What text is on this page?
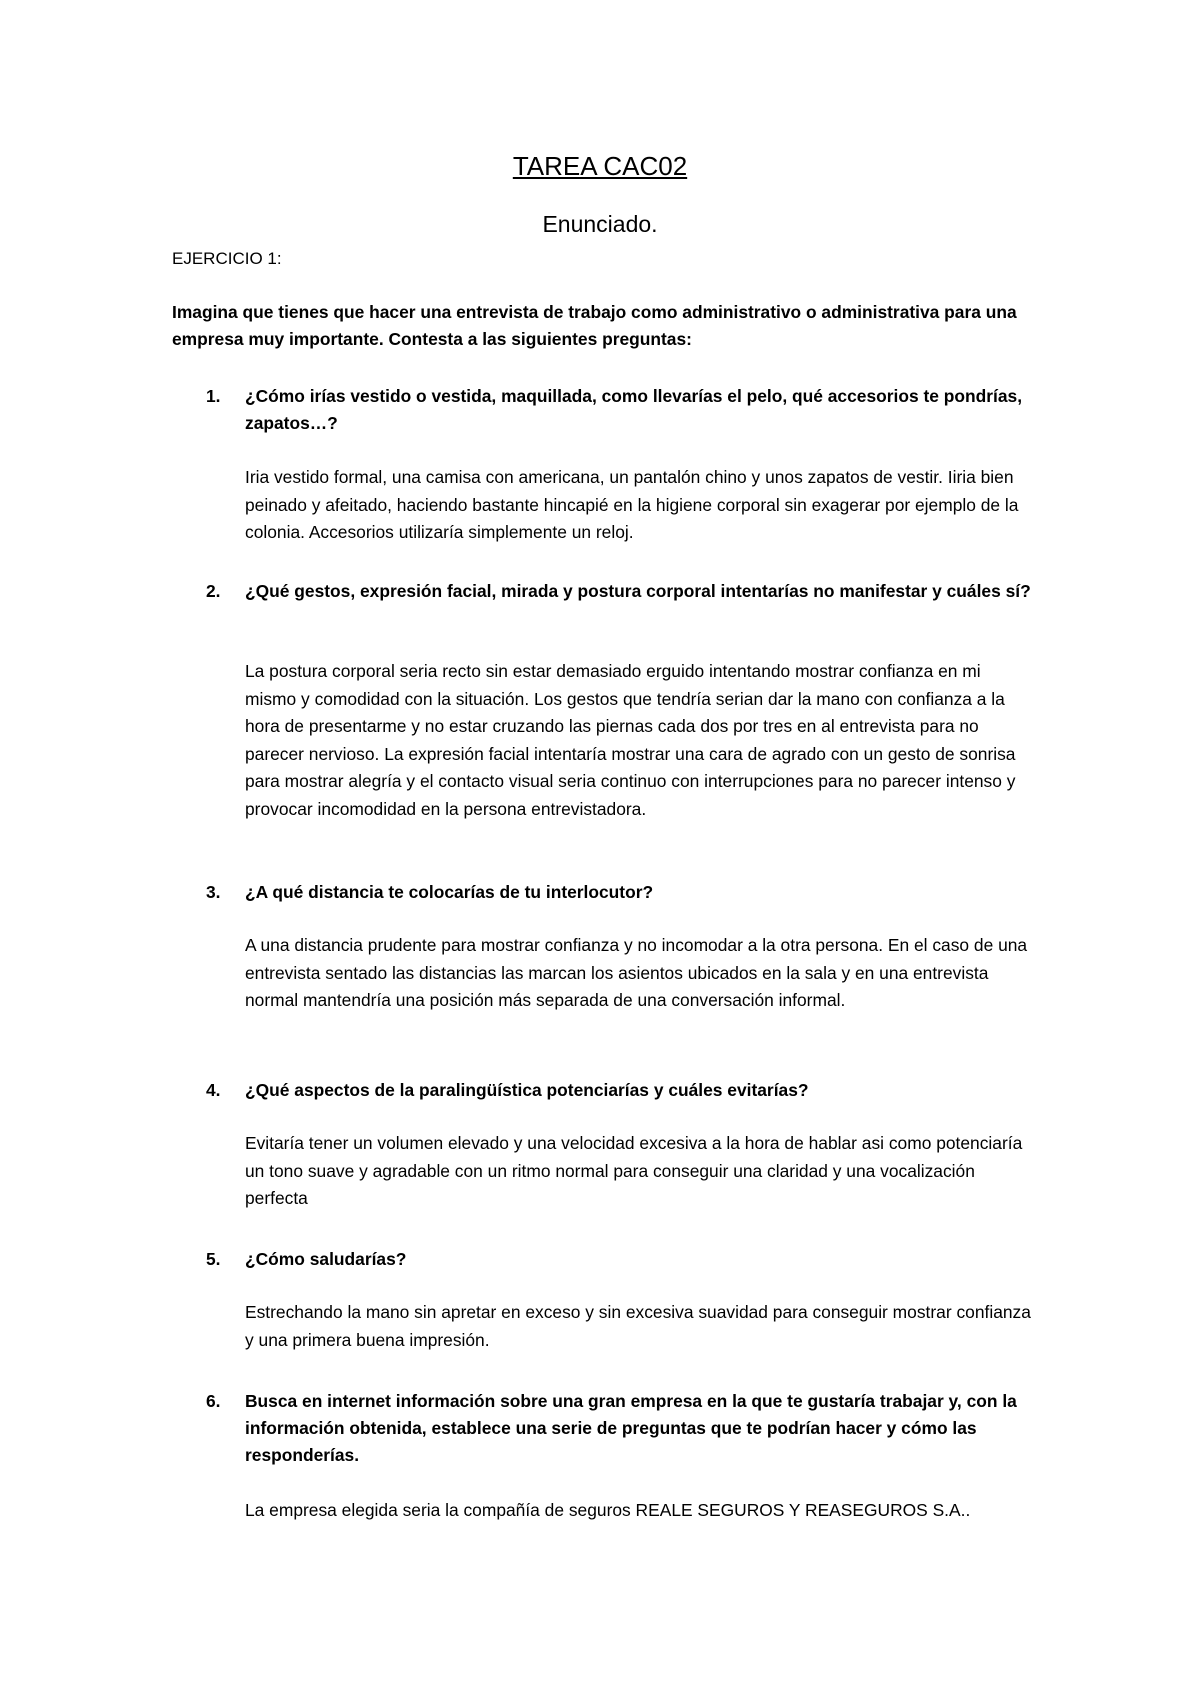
TAREA CAC02
Enunciado.

EJERCICIO 1:

Imagina que tienes que hacer una entrevista de trabajo como administrativo o administrativa para una empresa muy importante. Contesta a las siguientes preguntas:

1. ¿Cómo irías vestido o vestida, maquillada, como llevarías el pelo, qué accesorios te pondrías, zapatos…?

Iria vestido formal, una camisa con americana, un pantalón chino y unos zapatos de vestir. Iiria bien peinado y afeitado, haciendo bastante hincapié en la higiene corporal sin exagerar por ejemplo de la colonia. Accesorios utilizaría simplemente un reloj.

2. ¿Qué gestos, expresión facial, mirada y postura corporal intentarías no manifestar y cuáles sí?

La postura corporal seria recto sin estar demasiado erguido intentando mostrar confianza en mi mismo y comodidad con la situación. Los gestos que tendría serian dar la mano con confianza a la hora de presentarme y no estar cruzando las piernas cada dos por tres en al entrevista para no parecer nervioso. La expresión facial intentaría mostrar una cara de agrado con un gesto de sonrisa para mostrar alegría y el contacto visual seria continuo con interrupciones para no parecer intenso y provocar incomodidad en la persona entrevistadora.

3. ¿A qué distancia te colocarías de tu interlocutor?

A una distancia prudente para mostrar confianza y no incomodar a la otra persona. En el caso de una entrevista sentado las distancias las marcan los asientos ubicados en la sala y en una entrevista normal mantendría una posición más separada de una conversación informal.

4. ¿Qué aspectos de la paralingüística potenciarías y cuáles evitarías?

Evitaría tener un volumen elevado y una velocidad excesiva a la hora de hablar asi como potenciaría un tono suave y agradable con un ritmo normal para conseguir una claridad y una vocalización perfecta

5. ¿Cómo saludarías?

Estrechando la mano sin apretar en exceso y sin excesiva suavidad para conseguir mostrar confianza y una primera buena impresión.

6. Busca en internet información sobre una gran empresa en la que te gustaría trabajar y, con la información obtenida, establece una serie de preguntas que te podrían hacer y cómo las responderías.

La empresa elegida seria la compañía de seguros REALE SEGUROS Y REASEGUROS S.A..
